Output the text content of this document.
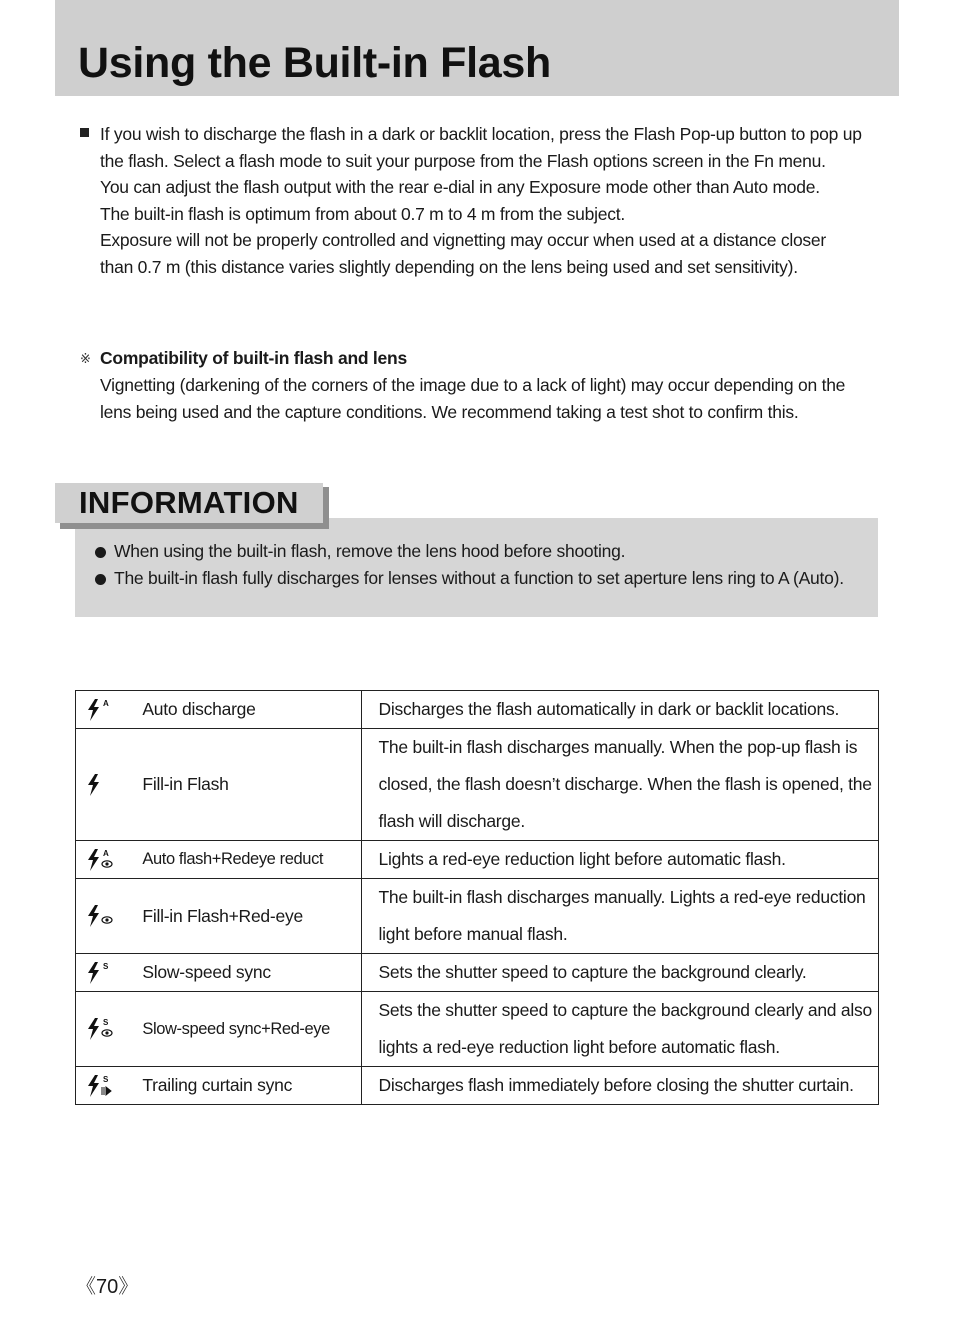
Using the Built-in Flash
If you wish to discharge the flash in a dark or backlit location, press the Flash Pop-up button to pop up
the flash. Select a flash mode to suit your purpose from the Flash options screen in the Fn menu.
You can adjust the flash output with the rear e-dial in any Exposure mode other than Auto mode.
The built-in flash is optimum from about 0.7 m to 4 m from the subject.
Exposure will not be properly controlled and vignetting may occur when used at a distance closer
than 0.7 m (this distance varies slightly depending on the lens being used and set sensitivity).
※ Compatibility of built-in flash and lens
Vignetting (darkening of the corners of the image due to a lack of light) may occur depending on the
lens being used and the capture conditions. We recommend taking a test shot to confirm this.
INFORMATION
When using the built-in flash, remove the lens hood before shooting.
The built-in flash fully discharges for lenses without a function to set aperture lens ring to A (Auto).
A	Auto discharge	Discharges the flash automatically in dark or backlit locations.

	Fill-in Flash	The built-in flash discharges manually. When the pop-up flash is
closed, the flash doesn’t discharge. When the flash is opened, the
flash will discharge.

A	Auto flash+Redeye reduct	Lights a red-eye reduction light before automatic flash.

	Fill-in Flash+Red-eye	The built-in flash discharges manually. Lights a red-eye reduction
light before manual flash.

S	Slow-speed sync	Sets the shutter speed to capture the background clearly.

S	Slow-speed sync+Red-eye	Sets the shutter speed to capture the background clearly and also
lights a red-eye reduction light before automatic flash.

S	Trailing curtain sync	Discharges flash immediately before closing the shutter curtain.
《70》
